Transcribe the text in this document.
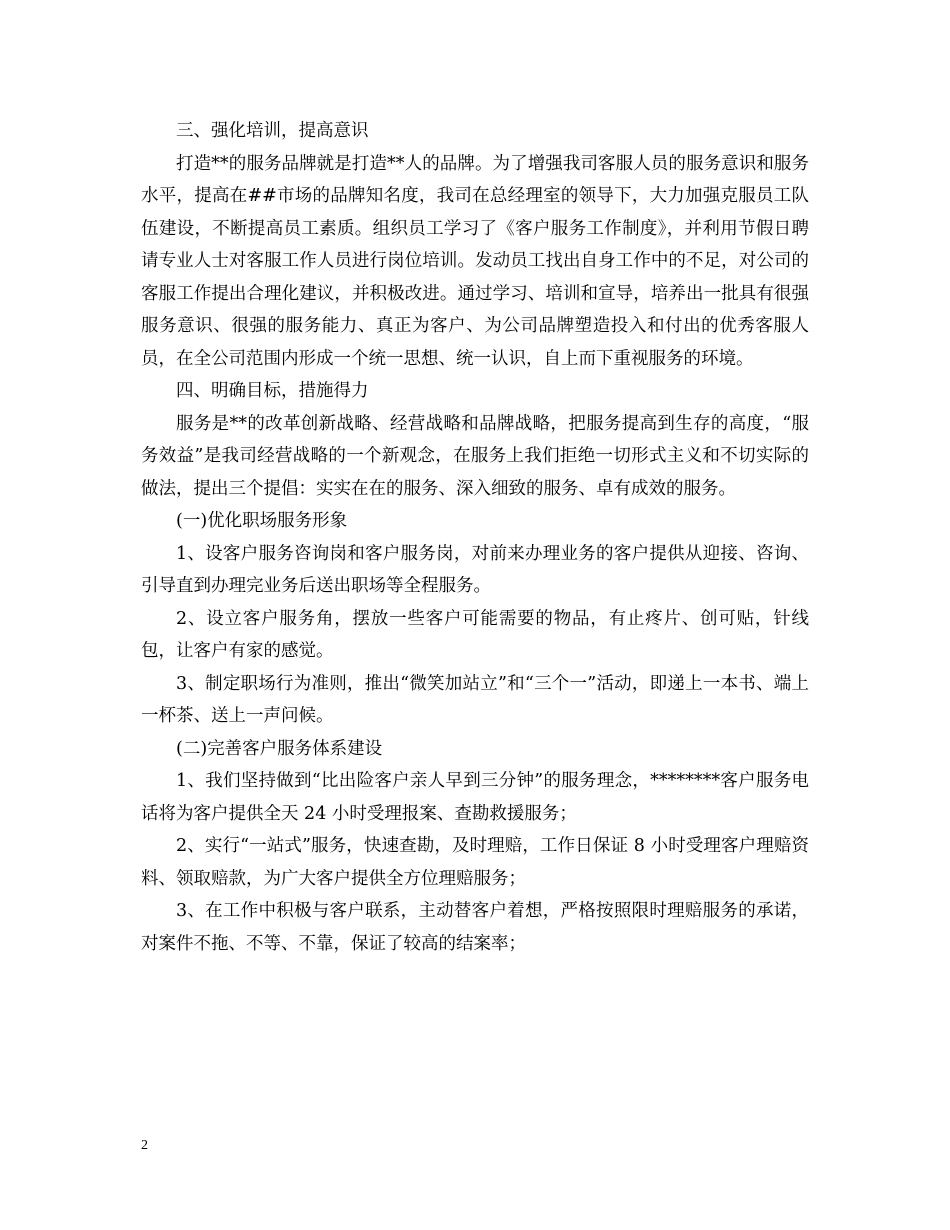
三、强化培训，提高意识

打造**的服务品牌就是打造**人的品牌。为了增强我司客服人员的服务意识和服务水平，提高在##市场的品牌知名度，我司在总经理室的领导下，大力加强克服员工队伍建设，不断提高员工素质。组织员工学习了《客户服务工作制度》，并利用节假日聘请专业人士对客服工作人员进行岗位培训。发动员工找出自身工作中的不足，对公司的客服工作提出合理化建议，并积极改进。通过学习、培训和宣导，培养出一批具有很强服务意识、很强的服务能力、真正为客户、为公司品牌塑造投入和付出的优秀客服人员，在全公司范围内形成一个统一思想、统一认识，自上而下重视服务的环境。

四、明确目标，措施得力

服务是**的改革创新战略、经营战略和品牌战略，把服务提高到生存的高度，“服务效益”是我司经营战略的一个新观念，在服务上我们拒绝一切形式主义和不切实际的做法，提出三个提倡：实实在在的服务、深入细致的服务、卓有成效的服务。

(一)优化职场服务形象

1、设客户服务咨询岗和客户服务岗，对前来办理业务的客户提供从迎接、咨询、引导直到办理完业务后送出职场等全程服务。

2、设立客户服务角，摆放一些客户可能需要的物品，有止疼片、创可贴，针线包，让客户有家的感觉。

3、制定职场行为准则，推出“微笑加站立”和“三个一”活动，即递上一本书、端上一杯茶、送上一声问候。

(二)完善客户服务体系建设

1、我们坚持做到“比出险客户亲人早到三分钟”的服务理念，********客户服务电话将为客户提供全天 24 小时受理报案、查勘救援服务；

2、实行“一站式”服务，快速查勘，及时理赔，工作日保证 8 小时受理客户理赔资料、领取赔款，为广大客户提供全方位理赔服务；

3、在工作中积极与客户联系，主动替客户着想，严格按照限时理赔服务的承诺，对案件不拖、不等、不靠，保证了较高的结案率；

2
